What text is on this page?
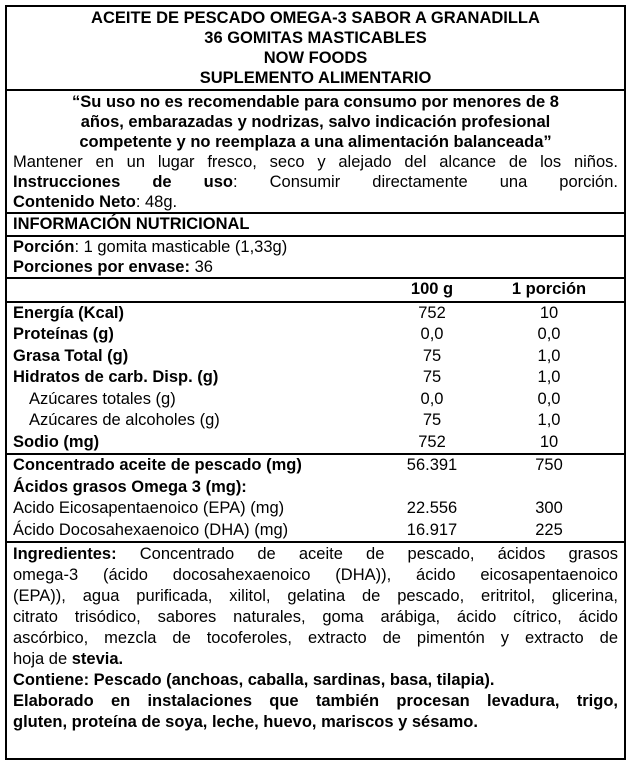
ACEITE DE PESCADO OMEGA-3 SABOR A GRANADILLA
36 GOMITAS MASTICABLES
NOW FOODS
SUPLEMENTO ALIMENTARIO
“Su uso no es recomendable para consumo por menores de 8
años, embarazadas y nodrizas, salvo indicación profesional
competente y no reemplaza a una alimentación balanceada”
Mantener en un lugar fresco, seco y alejado del alcance de los niños.
Instrucciones de uso: Consumir directamente una porción.
Contenido Neto: 48g.
INFORMACIÓN NUTRICIONAL
Porción: 1 gomita masticable (1,33g)
Porciones por envase: 36
100 g	1 porción
Energía (Kcal)	752	10
Proteínas (g)	0,0	0,0
Grasa Total (g)	75	1,0
Hidratos de carb. Disp. (g)	75	1,0
Azúcares totales (g)	0,0	0,0
Azúcares de alcoholes (g)	75	1,0
Sodio (mg)	752	10
Concentrado aceite de pescado (mg)	56.391	750
Ácidos grasos Omega 3 (mg):
Acido Eicosapentaenoico (EPA) (mg)	22.556	300
Ácido Docosahexaenoico (DHA) (mg)	16.917	225
Ingredientes: Concentrado de aceite de pescado, ácidos grasos
omega-3 (ácido docosahexaenoico (DHA)), ácido eicosapentaenoico
(EPA)), agua purificada, xilitol, gelatina de pescado, eritritol, glicerina,
citrato trisódico, sabores naturales, goma arábiga, ácido cítrico, ácido
ascórbico, mezcla de tocoferoles, extracto de pimentón y extracto de
hoja de stevia.
Contiene: Pescado (anchoas, caballa, sardinas, basa, tilapia).
Elaborado en instalaciones que también procesan levadura, trigo,
gluten, proteína de soya, leche, huevo, mariscos y sésamo.
